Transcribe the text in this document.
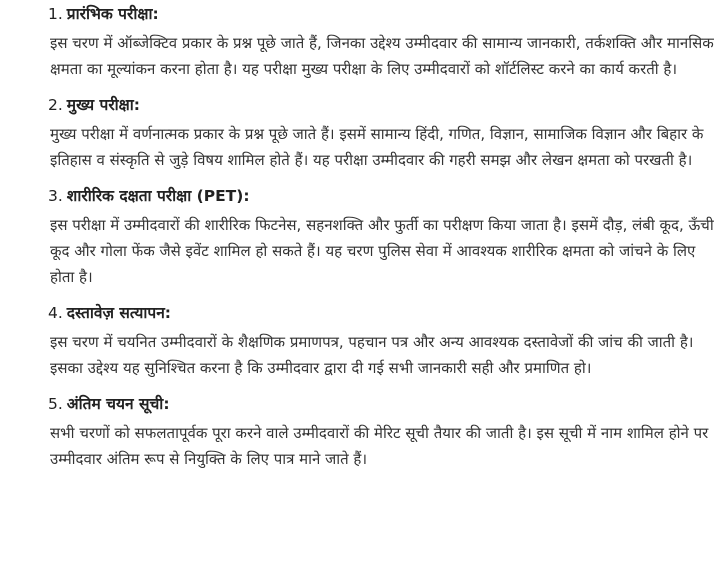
1. प्रारंभिक परीक्षा:

इस चरण में ऑब्जेक्टिव प्रकार के प्रश्न पूछे जाते हैं, जिनका उद्देश्य उम्मीदवार की सामान्य जानकारी, तर्कशक्ति और मानसिक क्षमता का मूल्यांकन करना होता है। यह परीक्षा मुख्य परीक्षा के लिए उम्मीदवारों को शॉर्टलिस्ट करने का कार्य करती है।

2. मुख्य परीक्षा:

मुख्य परीक्षा में वर्णनात्मक प्रकार के प्रश्न पूछे जाते हैं। इसमें सामान्य हिंदी, गणित, विज्ञान, सामाजिक विज्ञान और बिहार के इतिहास व संस्कृति से जुड़े विषय शामिल होते हैं। यह परीक्षा उम्मीदवार की गहरी समझ और लेखन क्षमता को परखती है।

3. शारीरिक दक्षता परीक्षा (PET):

इस परीक्षा में उम्मीदवारों की शारीरिक फिटनेस, सहनशक्ति और फुर्ती का परीक्षण किया जाता है। इसमें दौड़, लंबी कूद, ऊँची कूद और गोला फेंक जैसे इवेंट शामिल हो सकते हैं। यह चरण पुलिस सेवा में आवश्यक शारीरिक क्षमता को जांचने के लिए होता है।

4. दस्तावेज़ सत्यापन:

इस चरण में चयनित उम्मीदवारों के शैक्षणिक प्रमाणपत्र, पहचान पत्र और अन्य आवश्यक दस्तावेजों की जांच की जाती है। इसका उद्देश्य यह सुनिश्चित करना है कि उम्मीदवार द्वारा दी गई सभी जानकारी सही और प्रमाणित हो।

5. अंतिम चयन सूची:

सभी चरणों को सफलतापूर्वक पूरा करने वाले उम्मीदवारों की मेरिट सूची तैयार की जाती है। इस सूची में नाम शामिल होने पर उम्मीदवार अंतिम रूप से नियुक्ति के लिए पात्र माने जाते हैं।
